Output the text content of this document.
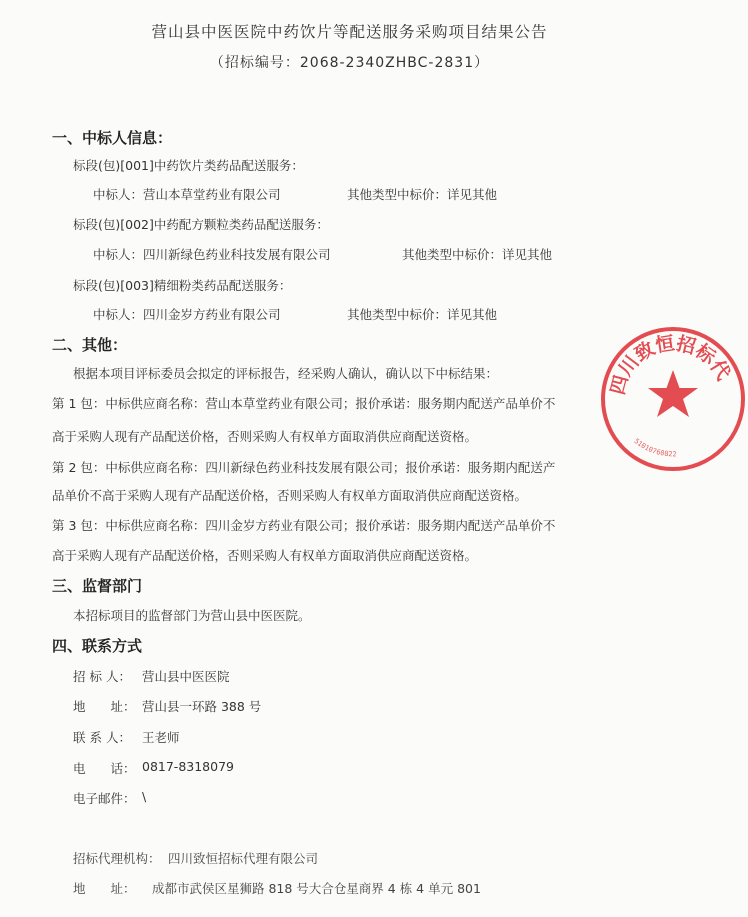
营山县中医医院中药饮片等配送服务采购项目结果公告
（招标编号：2068-2340ZHBC-2831）
一、中标人信息：
标段(包)[001]中药饮片类药品配送服务：
中标人：营山本草堂药业有限公司	其他类型中标价：详见其他
标段(包)[002]中药配方颗粒类药品配送服务：
中标人：四川新绿色药业科技发展有限公司	其他类型中标价：详见其他
标段(包)[003]精细粉类药品配送服务：
中标人：四川金岁方药业有限公司	其他类型中标价：详见其他
二、其他：
根据本项目评标委员会拟定的评标报告，经采购人确认，确认以下中标结果：
第 1 包：中标供应商名称：营山本草堂药业有限公司；报价承诺：服务期内配送产品单价不
高于采购人现有产品配送价格，否则采购人有权单方面取消供应商配送资格。
第 2 包：中标供应商名称：四川新绿色药业科技发展有限公司；报价承诺：服务期内配送产
品单价不高于采购人现有产品配送价格，否则采购人有权单方面取消供应商配送资格。
第 3 包：中标供应商名称：四川金岁方药业有限公司；报价承诺：服务期内配送产品单价不
高于采购人现有产品配送价格，否则采购人有权单方面取消供应商配送资格。
三、监督部门
本招标项目的监督部门为营山县中医医院。
四、联系方式
招 标 人： 营山县中医医院
地　　址： 营山县一环路 388 号
联 系 人： 王老师
电　　话： 0817-8318079
电子邮件： \
招标代理机构： 四川致恒招标代理有限公司
地　　址： 成都市武侯区星狮路 818 号大合仓星商界 4 栋 4 单元 801
四川致恒招标代
51010760822
